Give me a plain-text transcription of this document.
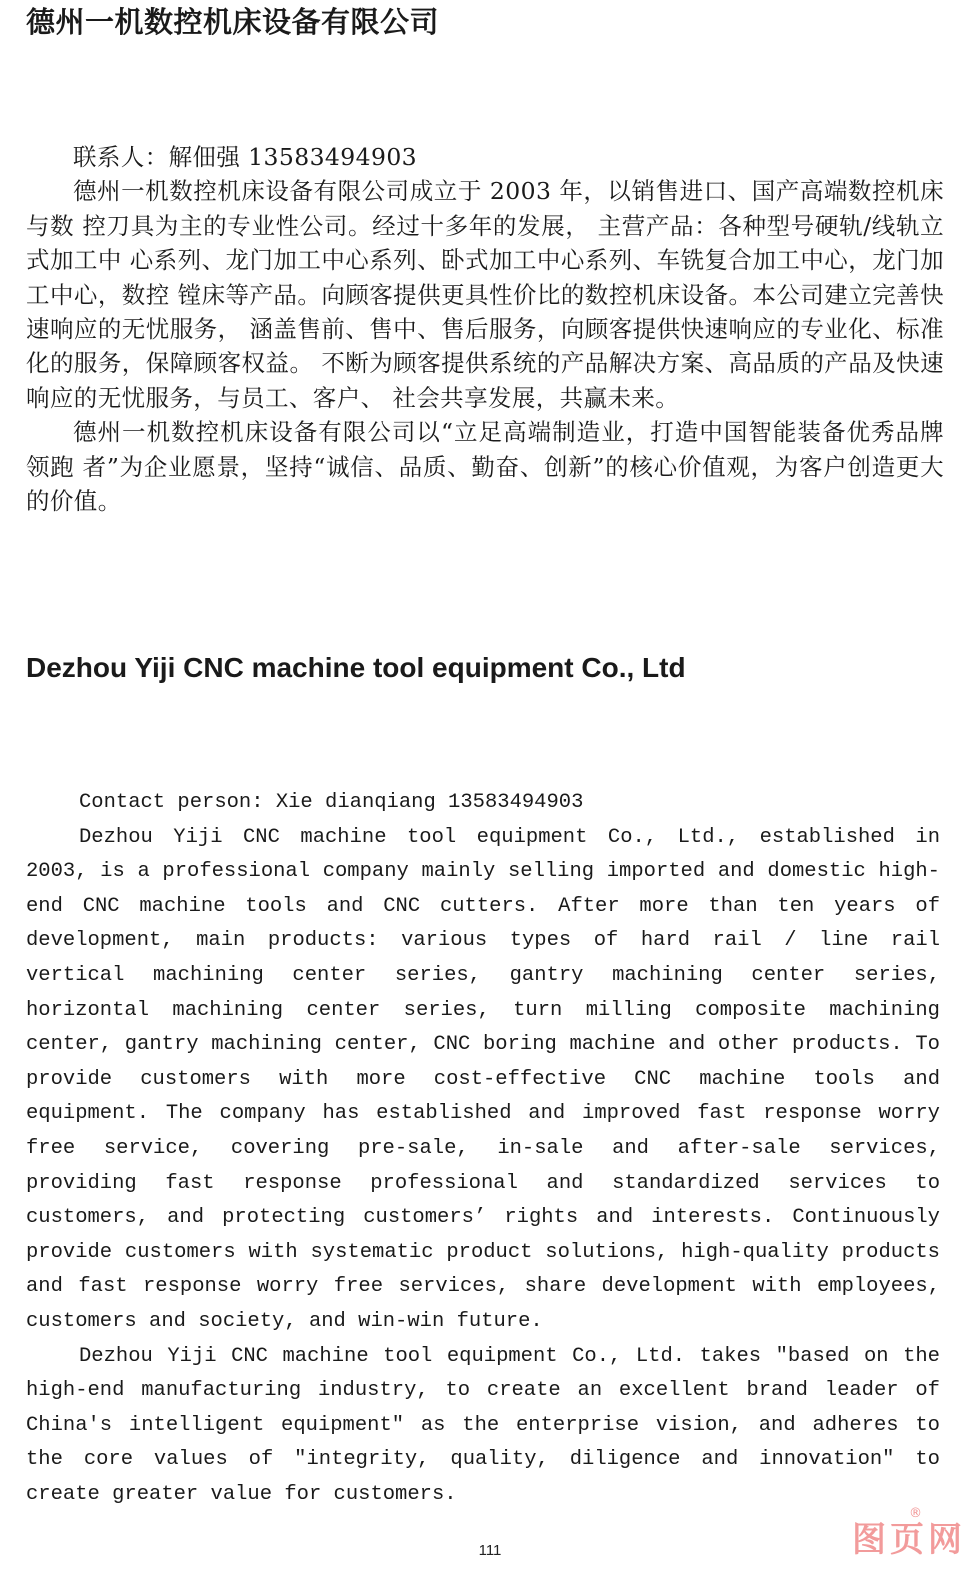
德州一机数控机床设备有限公司

联系人：解佃强 13583494903

德州一机数控机床设备有限公司成立于 2003 年，以销售进口、国产高端数控机床与数 控刀具为主的专业性公司。经过十多年的发展， 主营产品：各种型号硬轨/线轨立式加工中 心系列、龙门加工中心系列、卧式加工中心系列、车铣复合加工中心，龙门加工中心，数控 镗床等产品。向顾客提供更具性价比的数控机床设备。本公司建立完善快速响应的无忧服务， 涵盖售前、售中、售后服务，向顾客提供快速响应的专业化、标准化的服务，保障顾客权益。 不断为顾客提供系统的产品解决方案、高品质的产品及快速响应的无忧服务，与员工、客户、 社会共享发展，共赢未来。

德州一机数控机床设备有限公司以“立足高端制造业，打造中国智能装备优秀品牌领跑 者”为企业愿景，坚持“诚信、品质、勤奋、创新”的核心价值观，为客户创造更大的价值。

Dezhou Yiji CNC machine tool equipment Co., Ltd

Contact person: Xie dianqiang 13583494903

Dezhou Yiji CNC machine tool equipment Co., Ltd., established in 2003, is a professional company mainly selling imported and domestic high-end CNC machine tools and CNC cutters. After more than ten years of development, main products: various types of hard rail / line rail vertical machining center series, gantry machining center series, horizontal machining center series, turn milling composite machining center, gantry machining center, CNC boring machine and other products. To provide customers with more cost-effective CNC machine tools and equipment. The company has established and improved fast response worry free service, covering pre-sale, in-sale and after-sale services, providing fast response professional and standardized services to customers, and protecting customers’ rights and interests. Continuously provide customers with systematic product solutions, high-quality products and fast response worry free services, share development with employees, customers and society, and win-win future.

Dezhou Yiji CNC machine tool equipment Co., Ltd. takes "based on the high-end manufacturing industry, to create an excellent brand leader of China's intelligent equipment" as the enterprise vision, and adheres to the core values of "integrity, quality, diligence and innovation" to create greater value for customers.

111
®
图页网
